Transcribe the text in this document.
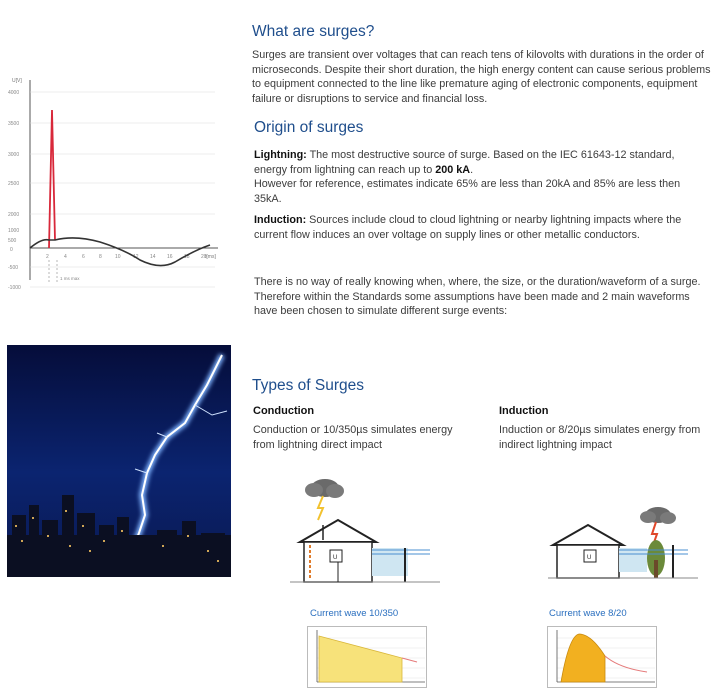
U[V]
t[ms]
4000
3500
3000
2500
2000
1000
500
0
-500
-1000
2	4	6	8	10 12 14 16 18 20
1 ms max
What are surges?

Surges are transient over voltages that can reach tens of kilovolts with durations in the order of microseconds. Despite their short duration, the high energy content can cause serious problems to equipment connected to the line like premature aging of electronic components, equipment failure or disruptions to service and financial loss.

Origin of surges

Lightning: The most destructive source of surge. Based on the IEC 61643-12 standard, energy from lightning can reach up to 200 kA.
However for reference, estimates indicate 65% are less than 20kA and 85% are less then 35kA.

Induction: Sources include cloud to cloud lightning or nearby lightning impacts where the current flow induces an over voltage on supply lines or other metallic conductors.

There is no way of really knowing when, where, the size, or the duration/waveform of a surge. Therefore within the Standards some assumptions have been made and 2 main waveforms have been chosen to simulate different surge events:

Types of Surges
Conduction
Conduction or 10/350µs simulates energy from lightning direct impact
Induction
Induction or 8/20µs simulates energy from indirect lightning impact
U	U
Current wave 10/350	Current wave 8/20
